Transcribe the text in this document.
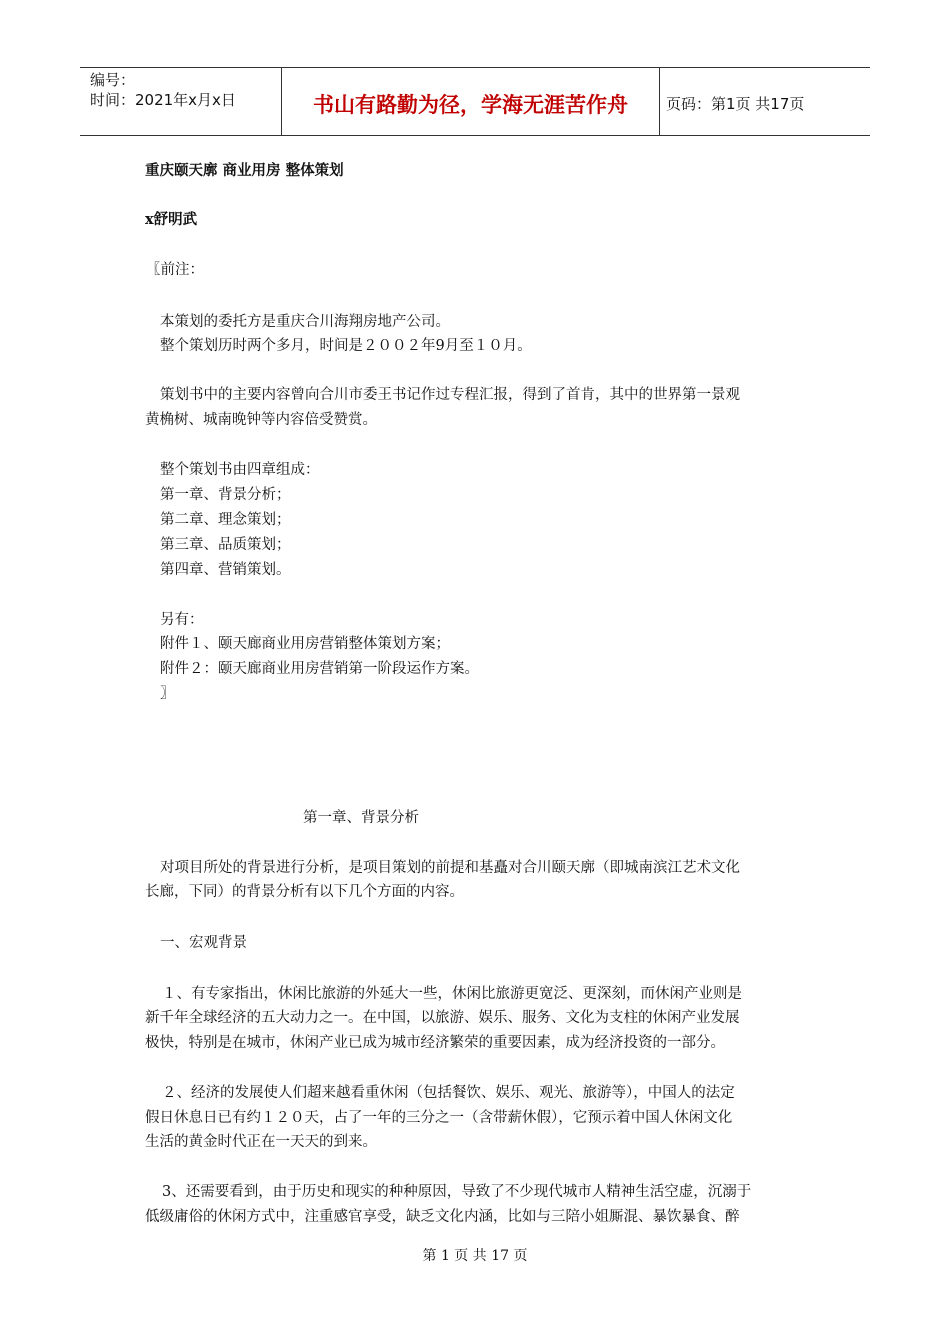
编号：
时间：2021年x月x日	书山有路勤为径，学海无涯苦作舟	页码：第1页 共17页
重庆颐天廓 商业用房 整体策划
x舒明武
〖前注：
本策划的委托方是重庆合川海翔房地产公司。
整个策划历时两个多月，时间是２００２年9月至１０月。
策划书中的主要内容曾向合川市委王书记作过专程汇报，得到了首肯，其中的世界第一景观
黄桷树、城南晚钟等内容倍受赞赏。
整个策划书由四章组成：
第一章、背景分析；
第二章、理念策划；
第三章、品质策划；
第四章、营销策划。
另有：
附件１、颐天廊商业用房营销整体策划方案；
附件２：颐天廊商业用房营销第一阶段运作方案。
〗
第一章、背景分析
对项目所处的背景进行分析，是项目策划的前提和基矗对合川颐天廓（即城南滨江艺术文化
长廊，下同）的背景分析有以下几个方面的内容。
一、宏观背景
１、有专家指出，休闲比旅游的外延大一些，休闲比旅游更宽泛、更深刻，而休闲产业则是
新千年全球经济的五大动力之一。在中国，以旅游、娱乐、服务、文化为支柱的休闲产业发展
极快，特别是在城市，休闲产业已成为城市经济繁荣的重要因素，成为经济投资的一部分。
２、经济的发展使人们超来越看重休闲（包括餐饮、娱乐、观光、旅游等），中国人的法定
假日休息日已有约１２０天，占了一年的三分之一（含带薪休假），它预示着中国人休闲文化
生活的黄金时代正在一天天的到来。
3、还需要看到，由于历史和现实的种种原因，导致了不少现代城市人精神生活空虚，沉溺于
低级庸俗的休闲方式中，注重感官享受，缺乏文化内涵，比如与三陪小姐厮混、暴饮暴食、醉
第 1 页 共 17 页
